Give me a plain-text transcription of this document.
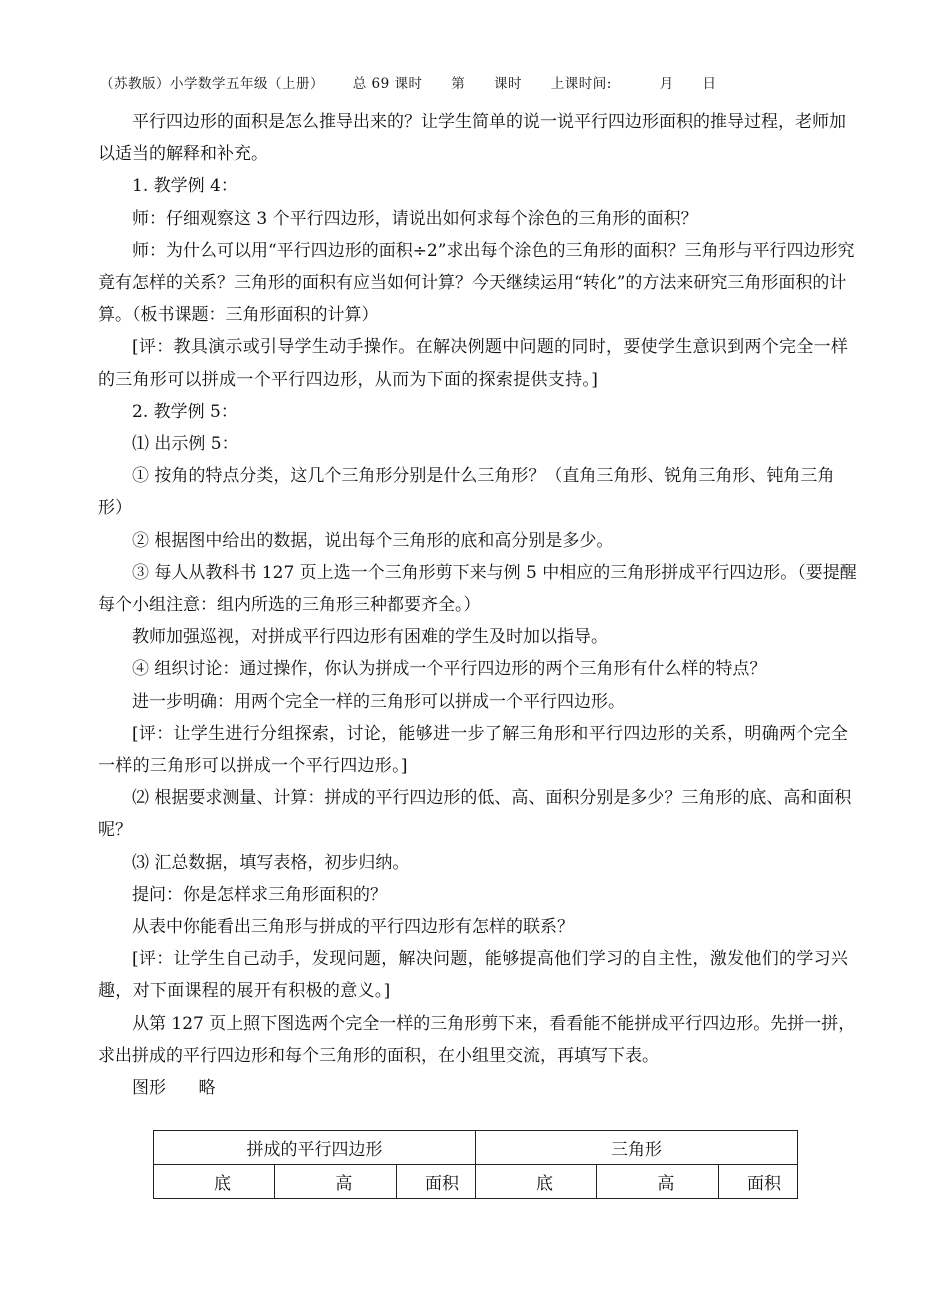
（苏教版）小学数学五年级（上册）      总 69 课时      第      课时      上课时间:          月      日

平行四边形的面积是怎么推导出来的？让学生简单的说一说平行四边形面积的推导过程，老师加以适当的解释和补充。

1. 教学例 4：

师：仔细观察这 3 个平行四边形，请说出如何求每个涂色的三角形的面积？

师：为什么可以用“平行四边形的面积÷2”求出每个涂色的三角形的面积？三角形与平行四边形究竟有怎样的关系？三角形的面积有应当如何计算？今天继续运用“转化”的方法来研究三角形面积的计算。（板书课题：三角形面积的计算）

[评：教具演示或引导学生动手操作。在解决例题中问题的同时，要使学生意识到两个完全一样的三角形可以拼成一个平行四边形，从而为下面的探索提供支持。]

2. 教学例 5：

⑴ 出示例 5：

① 按角的特点分类，这几个三角形分别是什么三角形？（直角三角形、锐角三角形、钝角三角形）

② 根据图中给出的数据，说出每个三角形的底和高分别是多少。

③ 每人从教科书 127 页上选一个三角形剪下来与例 5 中相应的三角形拼成平行四边形。（要提醒每个小组注意：组内所选的三角形三种都要齐全。）

教师加强巡视，对拼成平行四边形有困难的学生及时加以指导。

④ 组织讨论：通过操作，你认为拼成一个平行四边形的两个三角形有什么样的特点？

进一步明确：用两个完全一样的三角形可以拼成一个平行四边形。

[评：让学生进行分组探索，讨论，能够进一步了解三角形和平行四边形的关系，明确两个完全一样的三角形可以拼成一个平行四边形。]

⑵ 根据要求测量、计算：拼成的平行四边形的低、高、面积分别是多少？三角形的底、高和面积呢？

⑶ 汇总数据，填写表格，初步归纳。

提问：你是怎样求三角形面积的？

从表中你能看出三角形与拼成的平行四边形有怎样的联系？

[评：让学生自己动手，发现问题，解决问题，能够提高他们学习的自主性，激发他们的学习兴趣，对下面课程的展开有积极的意义。]

从第 127 页上照下图选两个完全一样的三角形剪下来，看看能不能拼成平行四边形。先拼一拼，求出拼成的平行四边形和每个三角形的面积，在小组里交流，再填写下表。

图形 略

拼成的平行四边形			三角形		
底	高	面积	底	高	面积
